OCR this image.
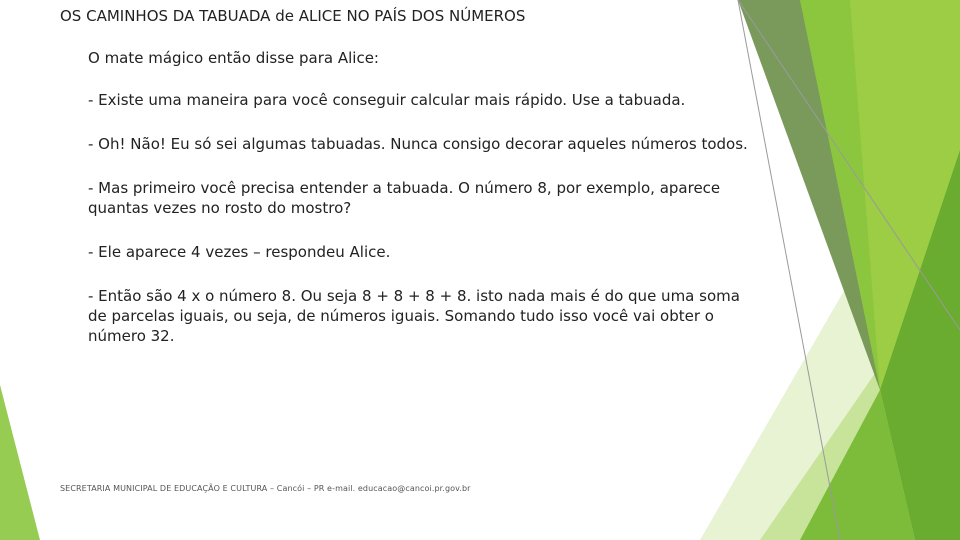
OS CAMINHOS DA TABUADA de ALICE NO PAÍS DOS NÚMEROS

O mate mágico então disse para Alice:

- Existe uma maneira para você conseguir calcular mais rápido. Use a tabuada.

- Oh! Não! Eu só sei algumas tabuadas. Nunca consigo decorar aqueles números todos.

- Mas primeiro você precisa entender a tabuada. O número 8, por exemplo, aparece quantas vezes no rosto do mostro?

- Ele aparece 4 vezes – respondeu Alice.

- Então são 4 x o número 8. Ou seja 8 + 8 + 8 + 8. isto nada mais é do que uma soma de parcelas iguais, ou seja, de números iguais. Somando tudo isso você vai obter o número 32.

SECRETARIA MUNICIPAL DE EDUCAÇÃO E CULTURA – Cancói – PR e-mail. educacao@cancoi.pr.gov.br
